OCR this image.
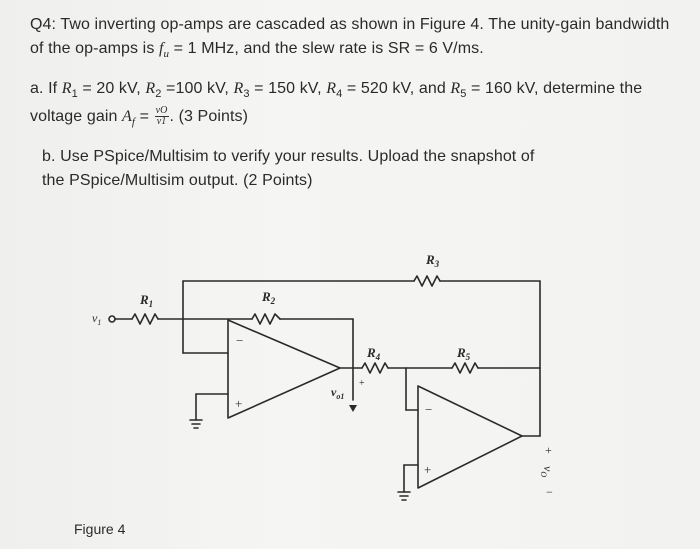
Q4: Two inverting op-amps are cascaded as shown in Figure 4. The unity-gain bandwidth
of the op-amps is $f_u = 1$ MHz, and the slew rate is SR = 6 V/ms.
a. If $R_1 = 20$ kV, $R_2 =100$ kV, $R_3 = 150$ kV, $R_4 = 520$ kV, and $R_5 = 160$ kV, determine the
voltage gain $A_f = \frac{vO}{v1}$ . (3 Points)
b. Use PSpice/Multisim to verify your results. Upload the snapshot of
the PSpice/Multisim output. (2 Points)
−
+	−
+
+
+
−
$R_1$	$R_2$
$R_3$
$R_4$	$R_5$
$v_1$
$v_{o1}$
$v_O$
Figure 4
